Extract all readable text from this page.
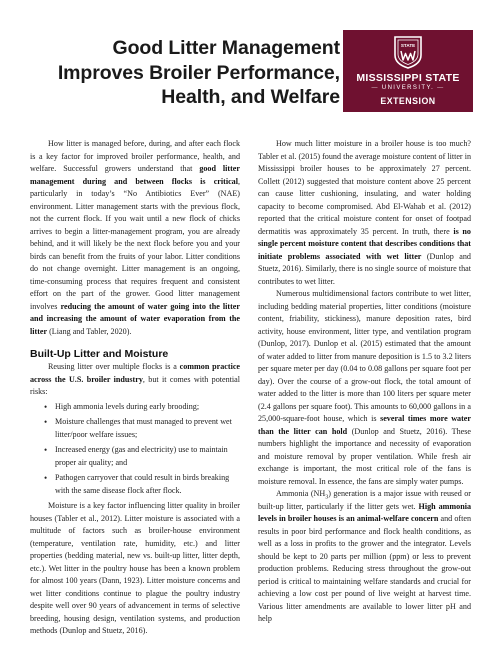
Good Litter Management
Improves Broiler Performance,
Health, and Welfare
STATE
MISSISSIPPI STATE
— UNIVERSITY. —
EXTENSION

How litter is managed before, during, and after each flock is a key factor for improved broiler performance, health, and welfare. Successful growers understand that good litter management during and between flocks is critical, particularly in today’s “No Antibiotics Ever” (NAE) environment. Litter management starts with the previous flock, not the current flock. If you wait until a new flock of chicks arrives to begin a litter-management program, you are already behind, and it will likely be the next flock before you and your birds can benefit from the fruits of your labor. Litter conditions do not change overnight. Litter management is an ongoing, time-consuming process that requires frequent and consistent effort on the part of the grower. Good litter management involves reducing the amount of water going into the litter and increasing the amount of water evaporation from the litter (Liang and Tabler, 2020).

Built-Up Litter and Moisture

Reusing litter over multiple flocks is a common practice across the U.S. broiler industry, but it comes with potential risks:

• High ammonia levels during early brooding;
• Moisture challenges that must managed to prevent wet litter/poor welfare issues;
• Increased energy (gas and electricity) use to maintain proper air quality; and
• Pathogen carryover that could result in birds breaking with the same disease flock after flock.

Moisture is a key factor influencing litter quality in broiler houses (Tabler et al., 2012). Litter moisture is associated with a multitude of factors such as broiler-house environment (temperature, ventilation rate, humidity, etc.) and litter properties (bedding material, new vs. built-up litter, litter depth, etc.). Wet litter in the poultry house has been a known problem for almost 100 years (Dann, 1923). Litter moisture concerns and wet litter conditions continue to plague the poultry industry despite well over 90 years of advancement in terms of selective breeding, housing design, ventilation systems, and production methods (Dunlop and Stuetz, 2016).

How much litter moisture in a broiler house is too much? Tabler et al. (2015) found the average moisture content of litter in Mississippi broiler houses to be approximately 27 percent. Collett (2012) suggested that moisture content above 25 percent can cause litter cushioning, insulating, and water holding capacity to become compromised. Abd El-Wahab et al. (2012) reported that the critical moisture content for onset of footpad dermatitis was approximately 35 percent. In truth, there is no single percent moisture content that describes conditions that initiate problems associated with wet litter (Dunlop and Stuetz, 2016). Similarly, there is no single source of moisture that contributes to wet litter.

Numerous multidimensional factors contribute to wet litter, including bedding material properties, litter conditions (moisture content, friability, stickiness), manure deposition rates, bird activity, house environment, litter type, and ventilation program (Dunlop, 2017). Dunlop et al. (2015) estimated that the amount of water added to litter from manure deposition is 1.5 to 3.2 liters per square meter per day (0.04 to 0.08 gallons per square foot per day). Over the course of a grow-out flock, the total amount of water added to the litter is more than 100 liters per square meter (2.4 gallons per square foot). This amounts to 60,000 gallons in a 25,000-square-foot house, which is several times more water than the litter can hold (Dunlop and Stuetz, 2016). These numbers highlight the importance and necessity of evaporation and moisture removal by proper ventilation. While fresh air exchange is important, the most critical role of the fans is moisture removal. In essence, the fans are simply water pumps.

Ammonia $(NH_3)$ generation is a major issue with reused or built-up litter, particularly if the litter gets wet. High ammonia levels in broiler houses is an animal-welfare concern and often results in poor bird performance and flock health conditions, as well as a loss in profits to the grower and the integrator. Levels should be kept to 20 parts per million (ppm) or less to prevent production problems. Reducing stress throughout the grow-out period is critical to maintaining welfare standards and crucial for achieving a low cost per pound of live weight at harvest time. Various litter amendments are available to lower litter pH and help
